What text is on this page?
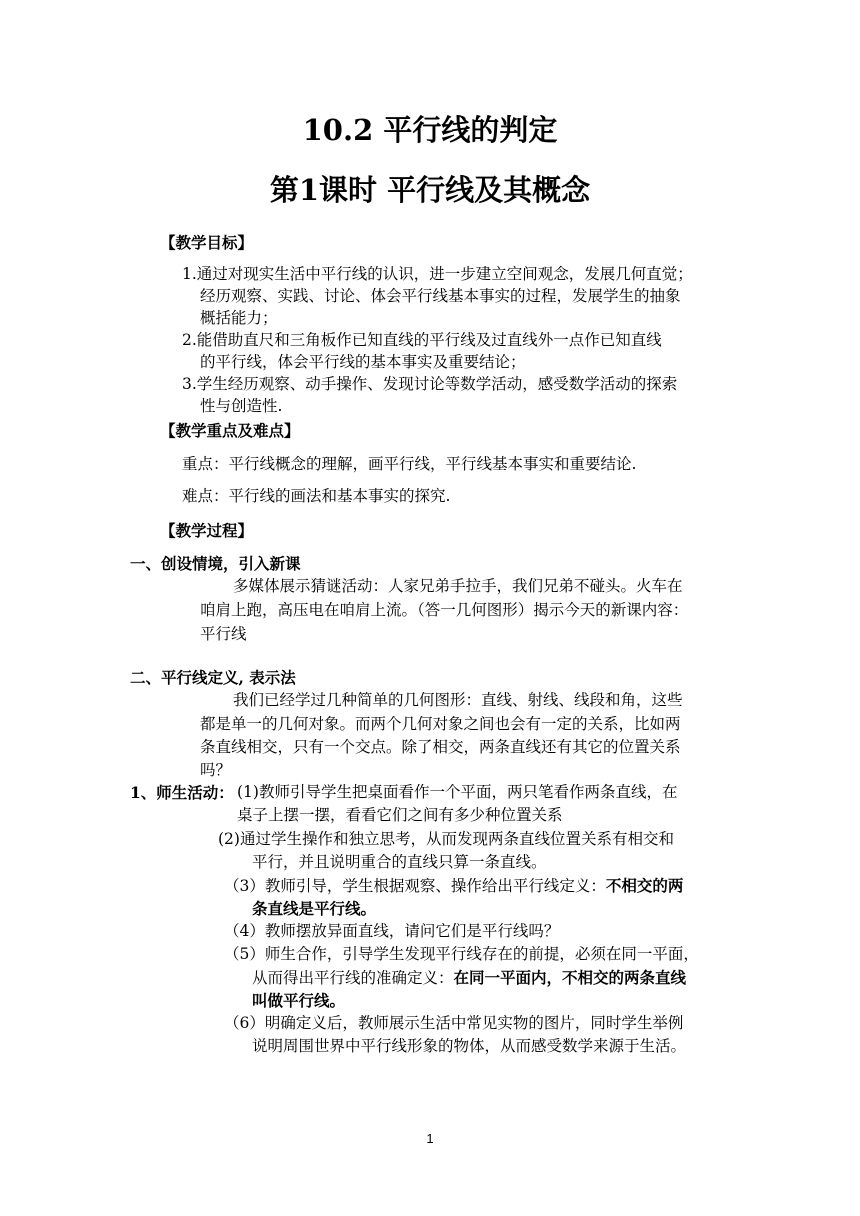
10.2 平行线的判定
第1课时 平行线及其概念
【教学目标】
1.通过对现实生活中平行线的认识，进一步建立空间观念，发展几何直觉；
经历观察、实践、讨论、体会平行线基本事实的过程，发展学生的抽象
概括能力；
2.能借助直尺和三角板作已知直线的平行线及过直线外一点作已知直线
的平行线，体会平行线的基本事实及重要结论；
3.学生经历观察、动手操作、发现讨论等数学活动，感受数学活动的探索
性与创造性.
【教学重点及难点】
重点：平行线概念的理解，画平行线，平行线基本事实和重要结论.
难点：平行线的画法和基本事实的探究.
【教学过程】
一、创设情境，引入新课
多媒体展示猜谜活动：人家兄弟手拉手，我们兄弟不碰头。火车在
咱肩上跑，高压电在咱肩上流。（答一几何图形）揭示今天的新课内容：
平行线
二、平行线定义, 表示法
我们已经学过几种简单的几何图形：直线、射线、线段和角，这些
都是单一的几何对象。而两个几何对象之间也会有一定的关系，比如两
条直线相交，只有一个交点。除了相交，两条直线还有其它的位置关系
吗？
1、师生活动： (1)教师引导学生把桌面看作一个平面，两只笔看作两条直线，在
桌子上摆一摆，看看它们之间有多少种位置关系
(2)通过学生操作和独立思考，从而发现两条直线位置关系有相交和
平行，并且说明重合的直线只算一条直线。
（3）教师引导，学生根据观察、操作给出平行线定义：不相交的两
条直线是平行线。
（4）教师摆放异面直线，请问它们是平行线吗？
（5）师生合作，引导学生发现平行线存在的前提，必须在同一平面，
从而得出平行线的准确定义：在同一平面内，不相交的两条直线
叫做平行线。
（6）明确定义后，教师展示生活中常见实物的图片，同时学生举例
说明周围世界中平行线形象的物体，从而感受数学来源于生活。
1
